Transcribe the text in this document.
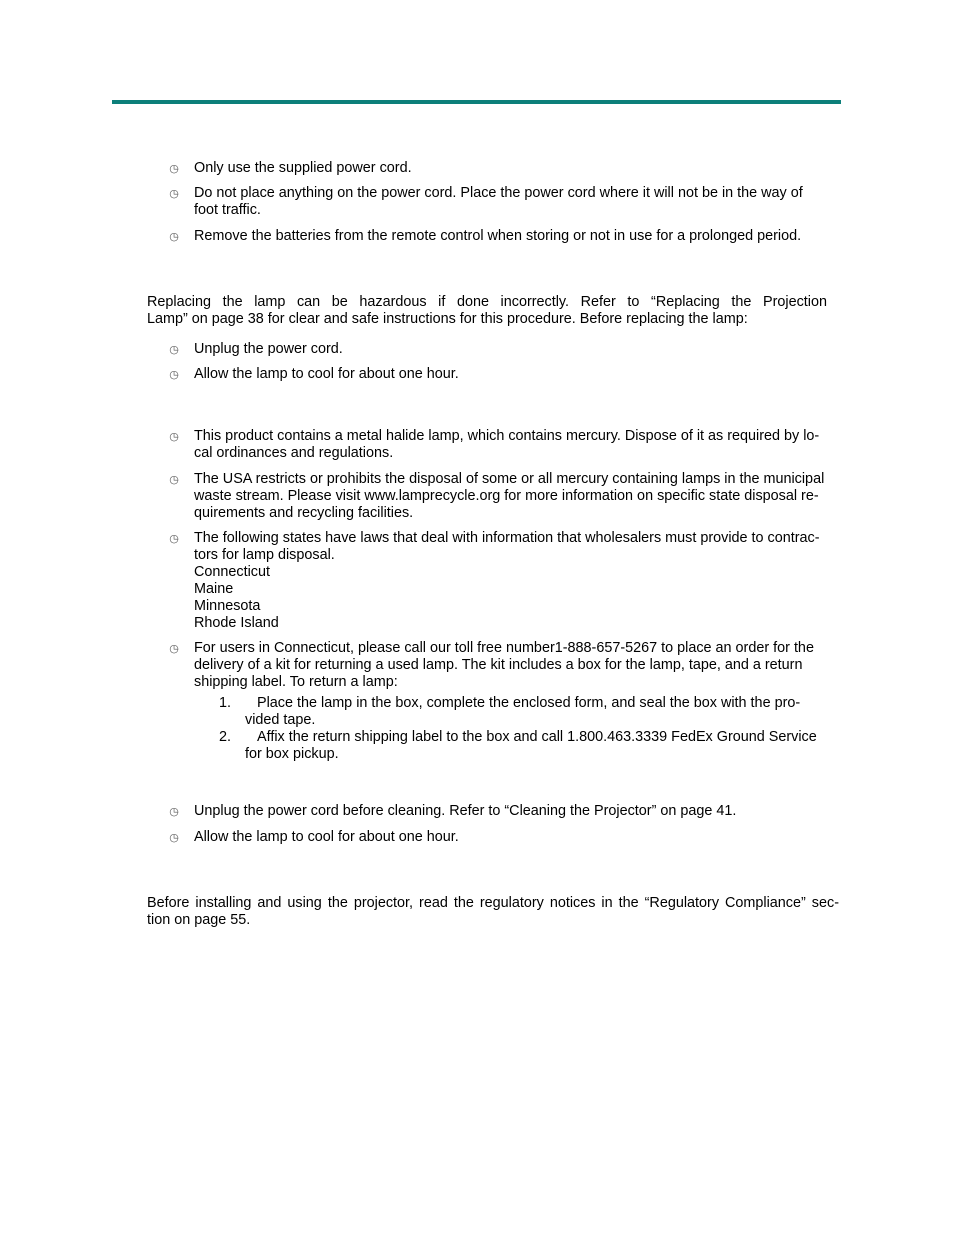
◷ Only use the supplied power cord.
◷ Do not place anything on the power cord. Place the power cord where it will not be in the way of
foot traffic.
◷ Remove the batteries from the remote control when storing or not in use for a prolonged period.
Replacing the lamp can be hazardous if done incorrectly. Refer to “Replacing the Projection
Lamp” on page 38 for clear and safe instructions for this procedure. Before replacing the lamp:
◷ Unplug the power cord.
◷ Allow the lamp to cool for about one hour.
◷ This product contains a metal halide lamp, which contains mercury. Dispose of it as required by lo-
cal ordinances and regulations.
◷ The USA restricts or prohibits the disposal of some or all mercury containing lamps in the municipal
waste stream. Please visit www.lamprecycle.org for more information on specific state disposal re-
quirements and recycling facilities.
◷ The following states have laws that deal with information that wholesalers must provide to contrac-
tors for lamp disposal.
Connecticut
Maine
Minnesota
Rhode Island
◷ For users in Connecticut, please call our toll free number1-888-657-5267 to place an order for the
delivery of a kit for returning a used lamp. The kit includes a box for the lamp, tape, and a return
shipping label. To return a lamp:
1.	Place the lamp in the box, complete the enclosed form, and seal the box with the pro-
vided tape.
2.	Affix the return shipping label to the box and call 1.800.463.3339 FedEx Ground Service
for box pickup.
◷ Unplug the power cord before cleaning. Refer to “Cleaning the Projector” on page 41.
◷ Allow the lamp to cool for about one hour.
Before installing and using the projector, read the regulatory notices in the “Regulatory Compliance” sec-
tion on page 55.
